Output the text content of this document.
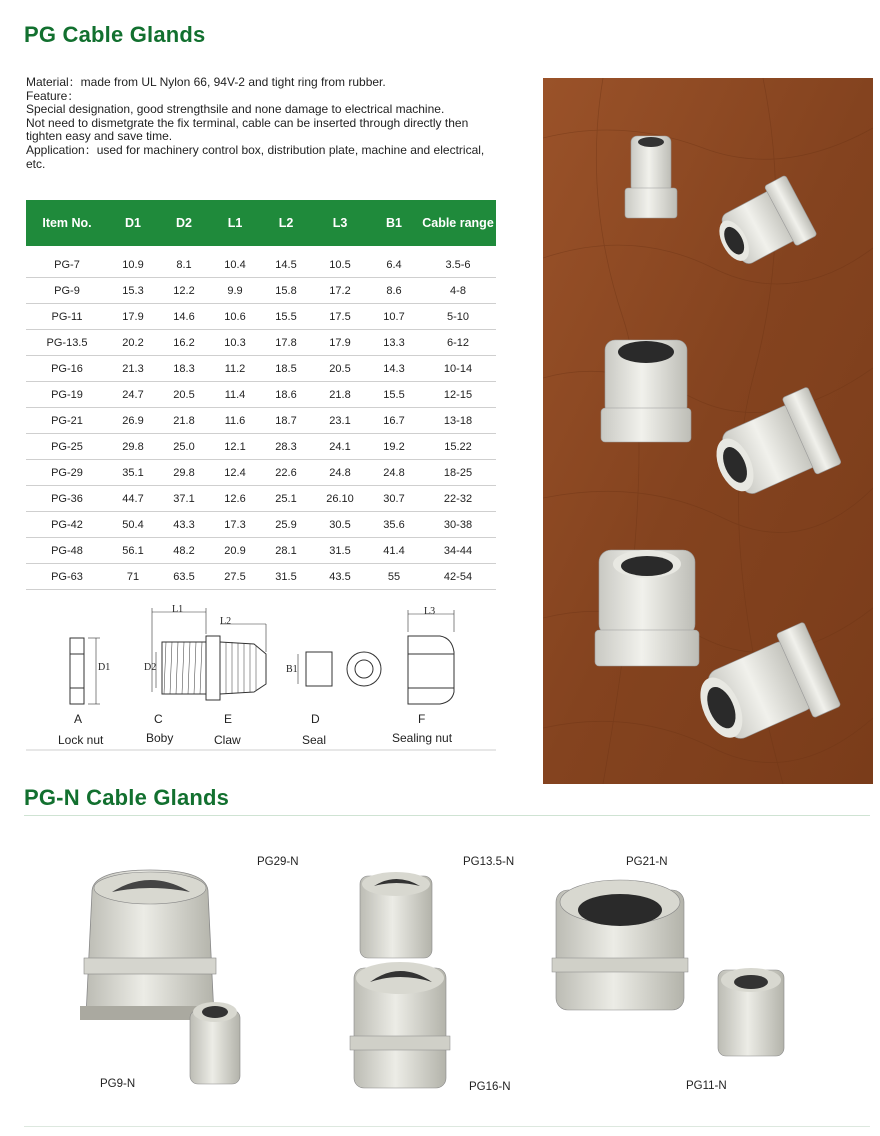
PG Cable Glands
Material：made from UL Nylon 66, 94V-2 and tight ring from rubber.
Feature：
Special designation, good strengthsile and none damage to electrical machine.
Not need to dismetgrate the fix terminal, cable can be inserted through directly then
tighten easy and save time.
Application：used for machinery control box, distribution plate, machine and electrical,
etc.
Item No.	D1	D2	L1	L2	L3	B1	Cable range

PG-7	10.9	8.1	10.4	14.5	10.5	6.4	3.5-6
PG-9	15.3	12.2	9.9	15.8	17.2	8.6	4-8
PG-11	17.9	14.6	10.6	15.5	17.5	10.7	5-10
PG-13.5	20.2	16.2	10.3	17.8	17.9	13.3	6-12
PG-16	21.3	18.3	11.2	18.5	20.5	14.3	10-14
PG-19	24.7	20.5	11.4	18.6	21.8	15.5	12-15
PG-21	26.9	21.8	11.6	18.7	23.1	16.7	13-18
PG-25	29.8	25.0	12.1	28.3	24.1	19.2	15.22
PG-29	35.1	29.8	12.4	22.6	24.8	24.8	18-25
PG-36	44.7	37.1	12.6	25.1	26.10	30.7	22-32
PG-42	50.4	43.3	17.3	25.9	30.5	35.6	30-38
PG-48	56.1	48.2	20.9	28.1	31.5	41.4	34-44
PG-63	71	63.5	27.5	31.5	43.5	55	42-54
L1
L2
L3
D1	D2	B1
A	C	E	D	F
Lock nut	Boby	Claw	Seal	Sealing nut
PG-N Cable Glands
PG29-N	PG13.5-N	PG21-N
PG9-N	PG16-N	PG11-N
